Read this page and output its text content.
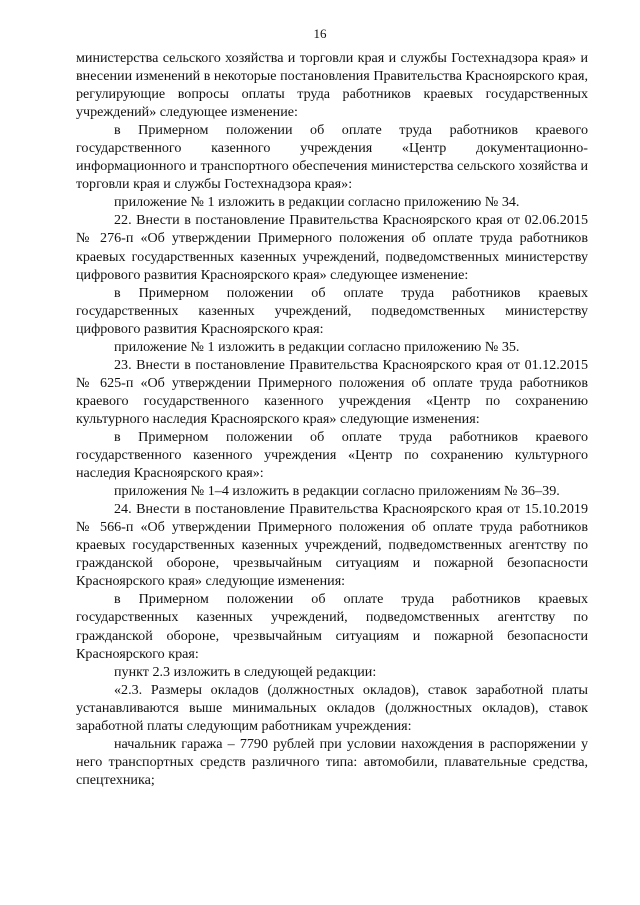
16

министерства сельского хозяйства и торговли края и службы Гостехнадзора края» и внесении изменений в некоторые постановления Правительства Красноярского края, регулирующие вопросы оплаты труда работников краевых государственных учреждений» следующее изменение:

в Примерном положении об оплате труда работников краевого государственного казенного учреждения «Центр документационно-информационного и транспортного обеспечения министерства сельского хозяйства и торговли края и службы Гостехнадзора края»:

приложение № 1 изложить в редакции согласно приложению № 34.

22. Внести в постановление Правительства Красноярского края от 02.06.2015 № 276-п «Об утверждении Примерного положения об оплате труда работников краевых государственных казенных учреждений, подведомственных министерству цифрового развития Красноярского края» следующее изменение:

в Примерном положении об оплате труда работников краевых государственных казенных учреждений, подведомственных министерству цифрового развития Красноярского края:

приложение № 1 изложить в редакции согласно приложению № 35.

23. Внести в постановление Правительства Красноярского края от 01.12.2015 № 625-п «Об утверждении Примерного положения об оплате труда работников краевого государственного казенного учреждения «Центр по сохранению культурного наследия Красноярского края» следующие изменения:

в Примерном положении об оплате труда работников краевого государственного казенного учреждения «Центр по сохранению культурного наследия Красноярского края»:

приложения № 1–4 изложить в редакции согласно приложениям № 36–39.

24. Внести в постановление Правительства Красноярского края от 15.10.2019 № 566-п «Об утверждении Примерного положения об оплате труда работников краевых государственных казенных учреждений, подведомственных агентству по гражданской обороне, чрезвычайным ситуациям и пожарной безопасности Красноярского края» следующие изменения:

в Примерном положении об оплате труда работников краевых государственных казенных учреждений, подведомственных агентству по гражданской обороне, чрезвычайным ситуациям и пожарной безопасности Красноярского края:

пункт 2.3 изложить в следующей редакции:

«2.3. Размеры окладов (должностных окладов), ставок заработной платы устанавливаются выше минимальных окладов (должностных окладов), ставок заработной платы следующим работникам учреждения:

начальник гаража – 7790 рублей при условии нахождения в распоряжении у него транспортных средств различного типа: автомобили, плавательные средства, спецтехника;
